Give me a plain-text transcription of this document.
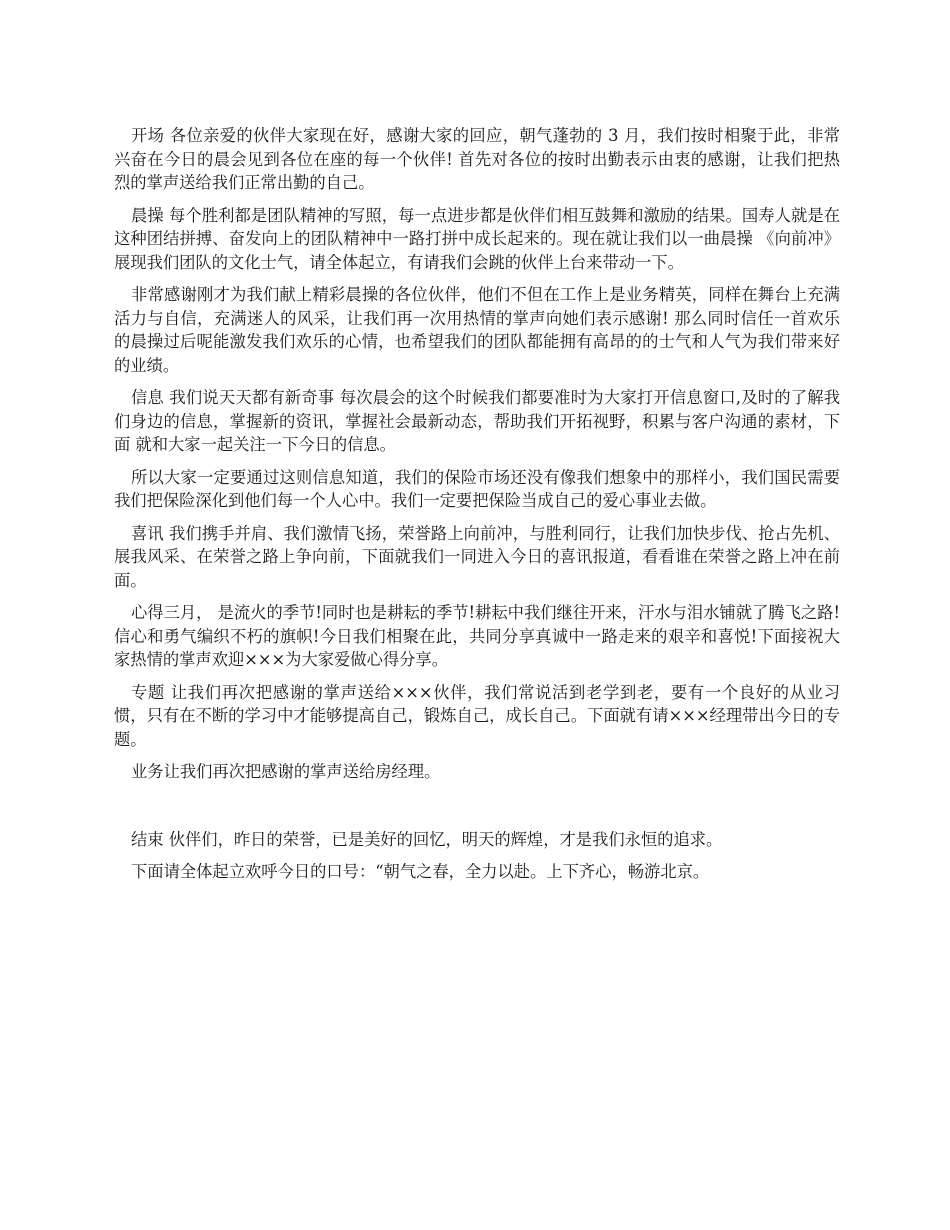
开场 各位亲爱的伙伴大家现在好，感谢大家的回应，朝气蓬勃的 3 月，我们按时相聚于此，非常兴奋在今日的晨会见到各位在座的每一个伙伴! 首先对各位的按时出勤表示由衷的感谢，让我们把热烈的掌声送给我们正常出勤的自己。

晨操 每个胜利都是团队精神的写照，每一点进步都是伙伴们相互鼓舞和激励的结果。国寿人就是在这种团结拼搏、奋发向上的团队精神中一路打拼中成长起来的。现在就让我们以一曲晨操 《向前冲》展现我们团队的文化士气，请全体起立，有请我们会跳的伙伴上台来带动一下。

非常感谢刚才为我们献上精彩晨操的各位伙伴，他们不但在工作上是业务精英，同样在舞台上充满活力与自信，充满迷人的风采，让我们再一次用热情的掌声向她们表示感谢! 那么同时信任一首欢乐的晨操过后呢能激发我们欢乐的心情，也希望我们的团队都能拥有高昂的的士气和人气为我们带来好的业绩。

信息 我们说天天都有新奇事 每次晨会的这个时候我们都要准时为大家打开信息窗口,及时的了解我们身边的信息，掌握新的资讯，掌握社会最新动态，帮助我们开拓视野，积累与客户沟通的素材，下面 就和大家一起关注一下今日的信息。

所以大家一定要通过这则信息知道，我们的保险市场还没有像我们想象中的那样小，我们国民需要我们把保险深化到他们每一个人心中。我们一定要把保险当成自己的爱心事业去做。

喜讯 我们携手并肩、我们激情飞扬，荣誉路上向前冲，与胜利同行，让我们加快步伐、抢占先机、展我风采、在荣誉之路上争向前，下面就我们一同进入今日的喜讯报道，看看谁在荣誉之路上冲在前面。

心得三月， 是流火的季节!同时也是耕耘的季节!耕耘中我们继往开来，汗水与泪水铺就了腾飞之路!信心和勇气编织不朽的旗帜!今日我们相聚在此，共同分享真诚中一路走来的艰辛和喜悦!下面接祝大家热情的掌声欢迎×××为大家爱做心得分享。

专题 让我们再次把感谢的掌声送给×××伙伴，我们常说活到老学到老，要有一个良好的从业习惯，只有在不断的学习中才能够提高自己，锻炼自己，成长自己。下面就有请×××经理带出今日的专题。

业务让我们再次把感谢的掌声送给房经理。

结束 伙伴们，昨日的荣誉，已是美好的回忆，明天的辉煌，才是我们永恒的追求。

下面请全体起立欢呼今日的口号：“朝气之春，全力以赴。上下齐心，畅游北京。
